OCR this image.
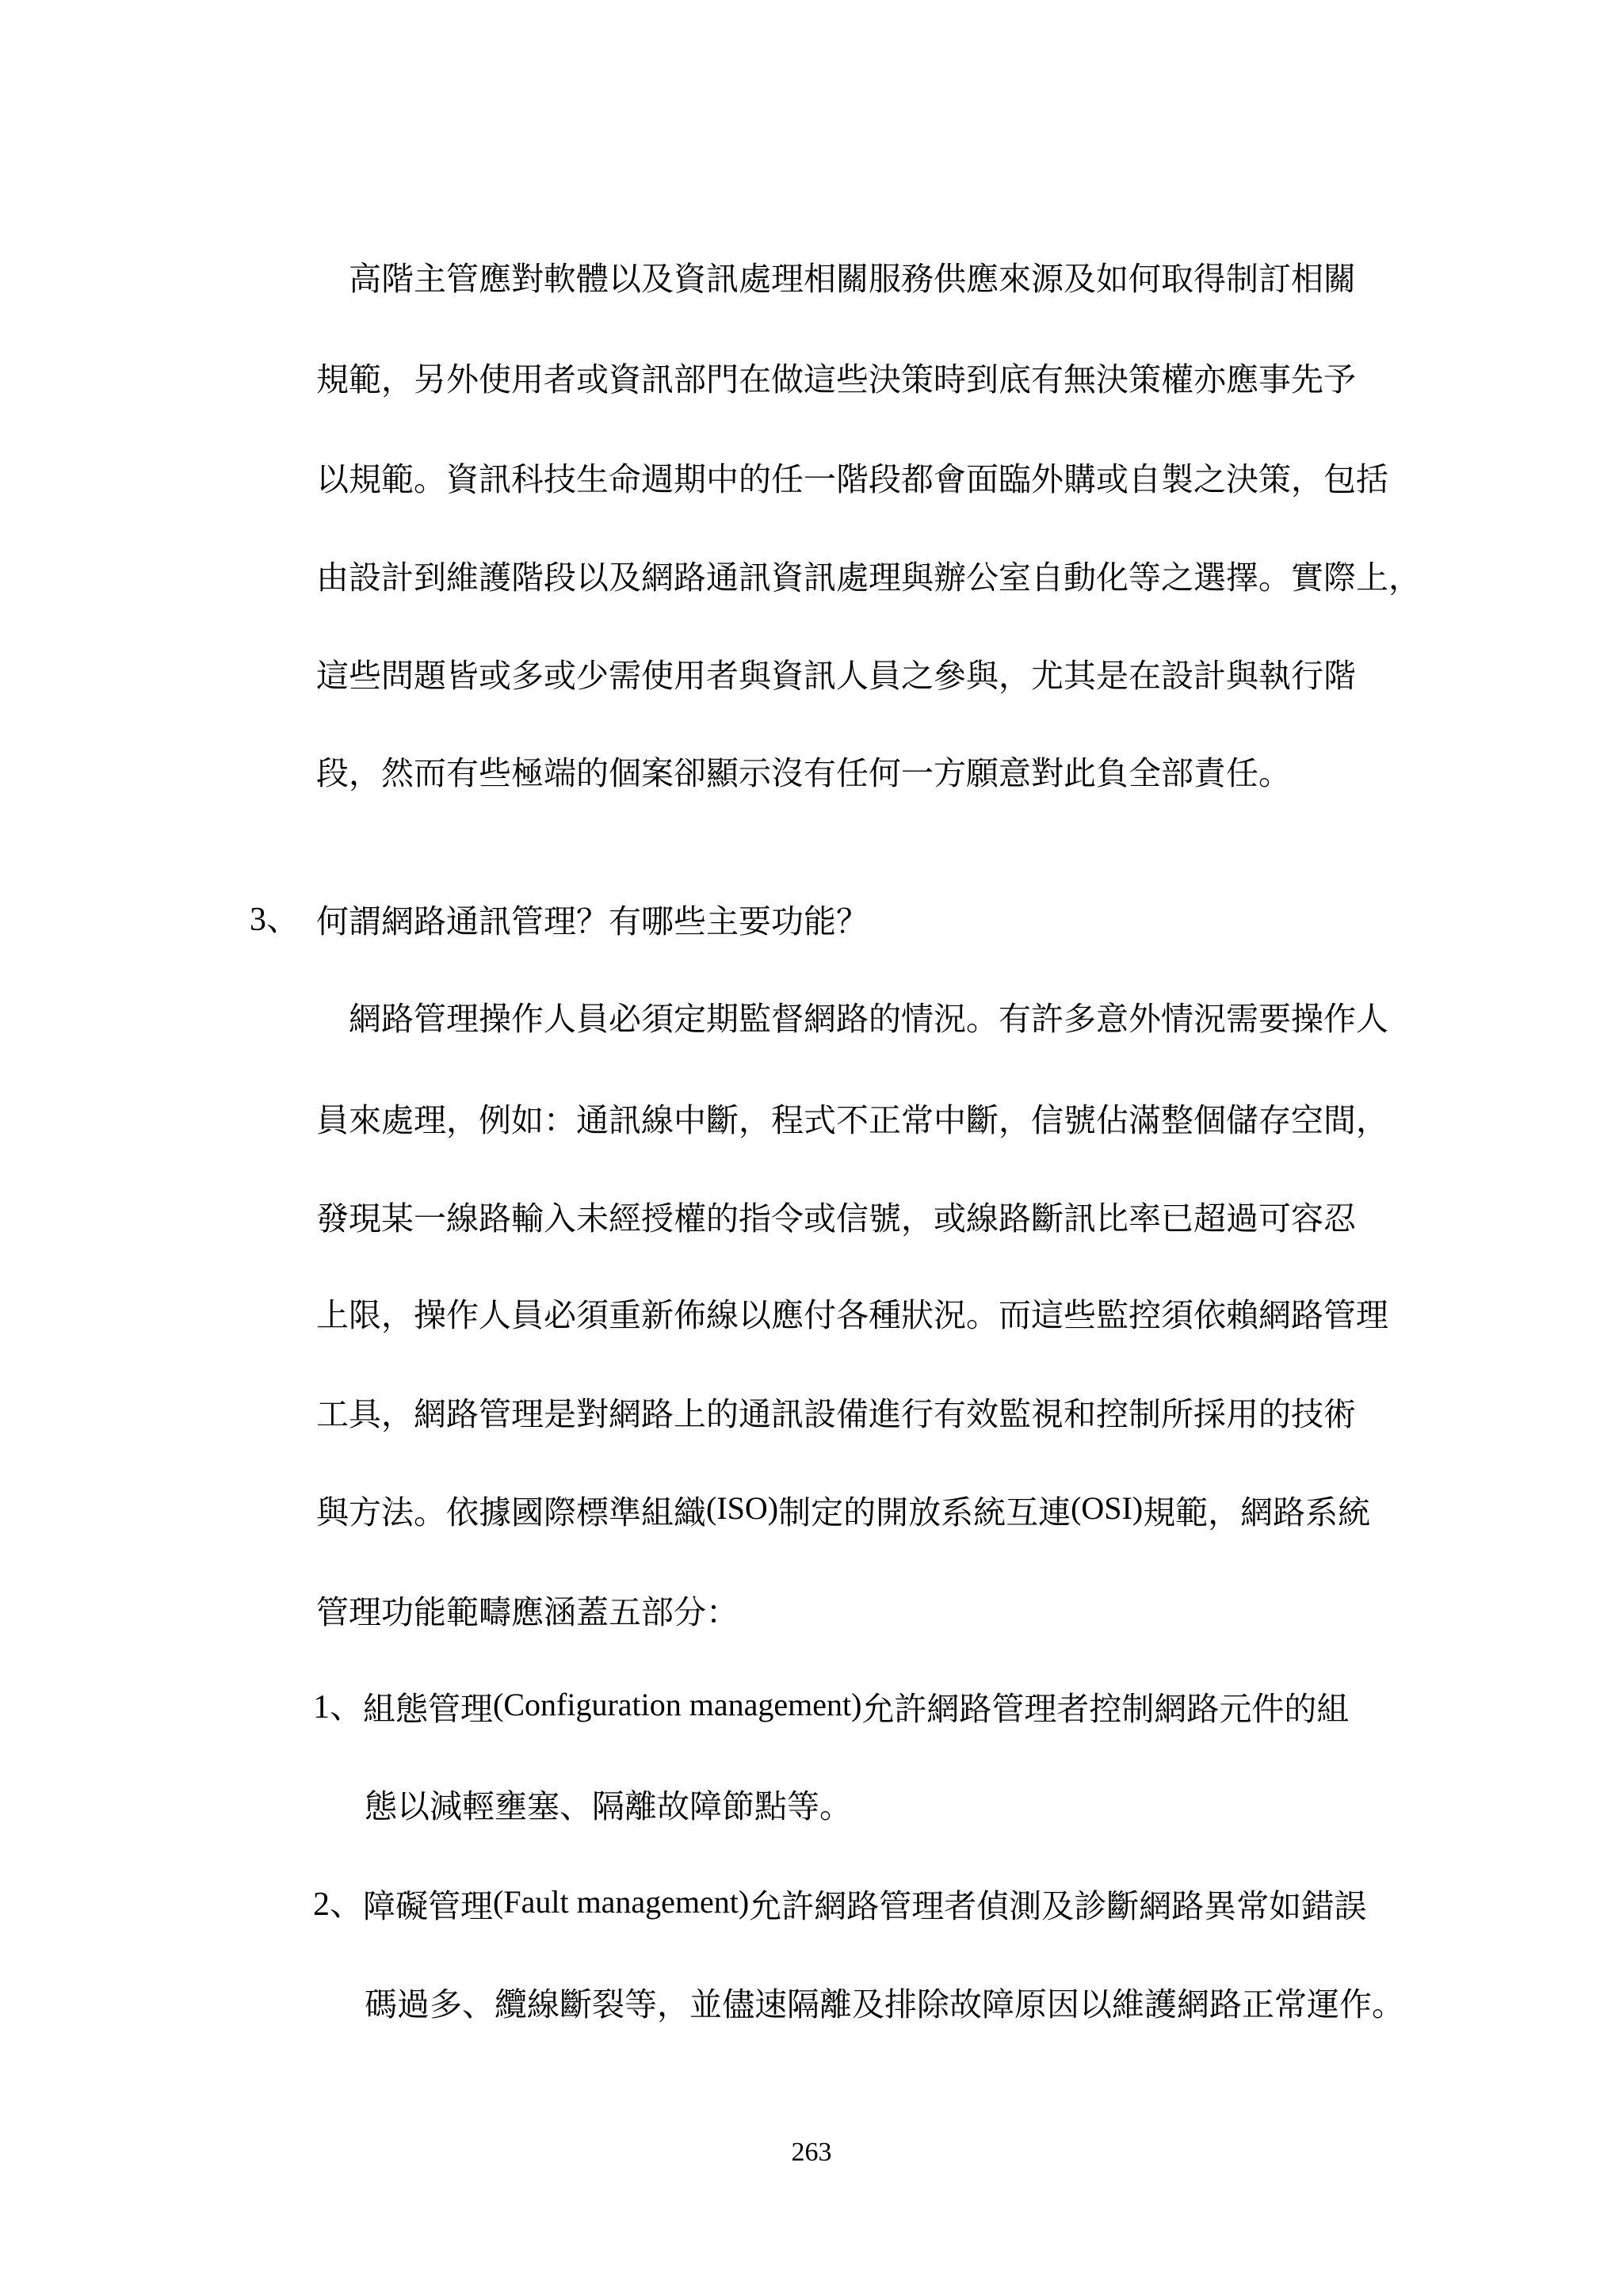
高階主管應對軟體以及資訊處理相關服務供應來源及如何取得制訂相關
規範，另外使用者或資訊部門在做這些決策時到底有無決策權亦應事先予
以規範。資訊科技生命週期中的任一階段都會面臨外購或自製之決策，包括
由設計到維護階段以及網路通訊資訊處理與辦公室自動化等之選擇。實際上，
這些問題皆或多或少需使用者與資訊人員之參與，尤其是在設計與執行階
段，然而有些極端的個案卻顯示沒有任何一方願意對此負全部責任。
3、 何謂網路通訊管理？有哪些主要功能？
網路管理操作人員必須定期監督網路的情況。有許多意外情況需要操作人
員來處理，例如：通訊線中斷，程式不正常中斷，信號佔滿整個儲存空間，
發現某一線路輸入未經授權的指令或信號，或線路斷訊比率已超過可容忍
上限，操作人員必須重新佈線以應付各種狀況。而這些監控須依賴網路管理
工具，網路管理是對網路上的通訊設備進行有效監視和控制所採用的技術
與方法。依據國際標準組織(ISO)制定的開放系統互連(OSI)規範，網路系統
管理功能範疇應涵蓋五部分：
1、組態管理(Configuration management)允許網路管理者控制網路元件的組
態以減輕壅塞、隔離故障節點等。
2、障礙管理(Fault management)允許網路管理者偵測及診斷網路異常如錯誤
碼過多、纜線斷裂等，並儘速隔離及排除故障原因以維護網路正常運作。
263
